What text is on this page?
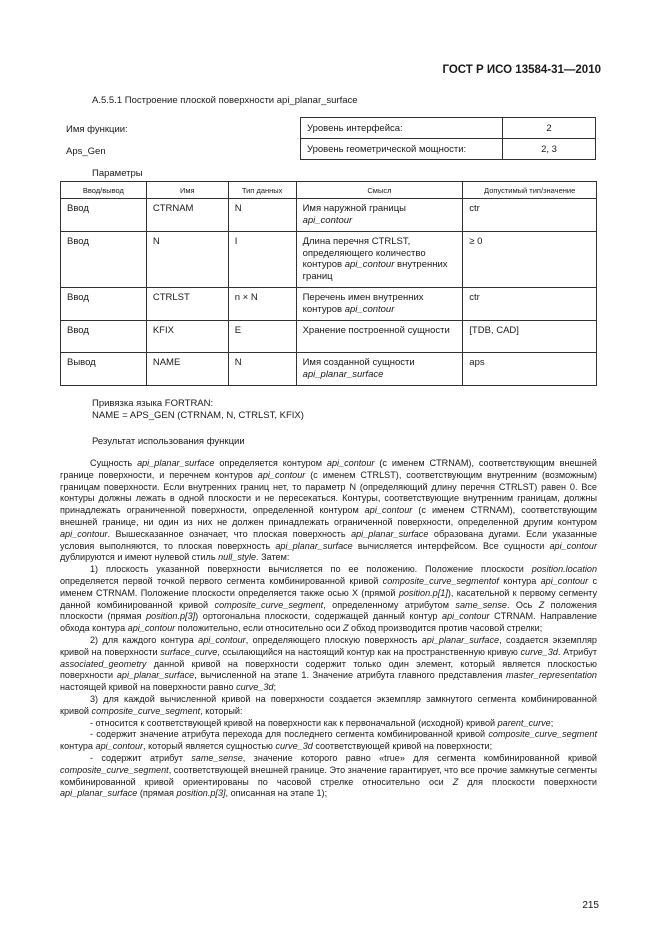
ГОСТ Р ИСО 13584-31—2010
А.5.5.1 Построение плоской поверхности api_planar_surface
Имя функции:
Aps_Gen
Уровень интерфейса:	2
Уровень геометрической мощности:	2, 3
Параметры
Ввод/вывод	Имя	Тип данных	Смысл	Допустимый тип/значение
Ввод	CTRNAM	N	Имя наружной границы api_contour	ctr
Ввод	N	I	Длина перечня CTRLST, определяющего количество контуров api_contour внутренних границ	≥ 0
Ввод	CTRLST	n × N	Перечень имен внутренних контуров api_contour	ctr
Ввод	KFIX	E	Хранение построенной сущности	[TDB, CAD]
Вывод	NAME	N	Имя созданной сущности api_planar_surface	aps
Привязка языка FORTRAN:
NAME = APS_GEN (CTRNAM, N, CTRLST, KFIX)
Результат использования функции

Сущность api_planar_surface определяется контуром api_contour (с именем CTRNAM), соответствующим внешней границе поверхности, и перечнем контуров api_contour (с именем CTRLST), соответствующим внутренним (возможным) границам поверхности. Если внутренних границ нет, то параметр N (определяющий длину перечня CTRLST) равен 0. Все контуры должны лежать в одной плоскости и не пересекаться. Контуры, соответствующие внутренним границам, должны принадлежать ограниченной поверхности, определенной контуром api_contour (с именем CTRNAM), соответствующим внешней границе, ни один из них не должен принадлежать ограниченной поверхности, определенной другим контуром api_contour. Вышесказанное означает, что плоская поверхность api_planar_surface образована дугами. Если указанные условия выполняются, то плоская поверхность api_planar_surface вычисляется интерфейсом. Все сущности api_contour дублируются и имеют нулевой стиль null_style. Затем:

1) плоскость указанной поверхности вычисляется по ее положению. Положение плоскости position.location определяется первой точкой первого сегмента комбинированной кривой composite_curve_segmentof контура api_contour с именем CTRNAM. Положение плоскости определяется также осью X (прямой position.p[1]), касательной к первому сегменту данной комбинированной кривой composite_curve_segment, определенному атрибутом same_sense. Ось Z положения плоскости (прямая position.p[3]) ортогональна плоскости, содержащей данный контур api_contour CTRNAM. Направление обхода контура api_contour положительно, если относительно оси Z обход производится против часовой стрелки;

2) для каждого контура api_contour, определяющего плоскую поверхность api_planar_surface, создается экземпляр кривой на поверхности surface_curve, ссылающийся на настоящий контур как на пространственную кривую curve_3d. Атрибут associated_geometry данной кривой на поверхности содержит только один элемент, который является плоскостью поверхности api_planar_surface, вычисленной на этапе 1. Значение атрибута главного представления master_representation настоящей кривой на поверхности равно curve_3d;

3) для каждой вычисленной кривой на поверхности создается экземпляр замкнутого сегмента комбинированной кривой composite_curve_segment, который:

- относится к соответствующей кривой на поверхности как к первоначальной (исходной) кривой parent_curve;

- содержит значение атрибута перехода для последнего сегмента комбинированной кривой composite_curve_segment контура api_contour, который является сущностью curve_3d соответствующей кривой на поверхности;

- содержит атрибут same_sense, значение которого равно «true» для сегмента комбинированной кривой composite_curve_segment, соответствующей внешней границе. Это значение гарантирует, что все прочие замкнутые сегменты комбинированной кривой ориентированы по часовой стрелке относительно оси Z для плоскости поверхности api_planar_surface (прямая position.p[3], описанная на этапе 1);

215
